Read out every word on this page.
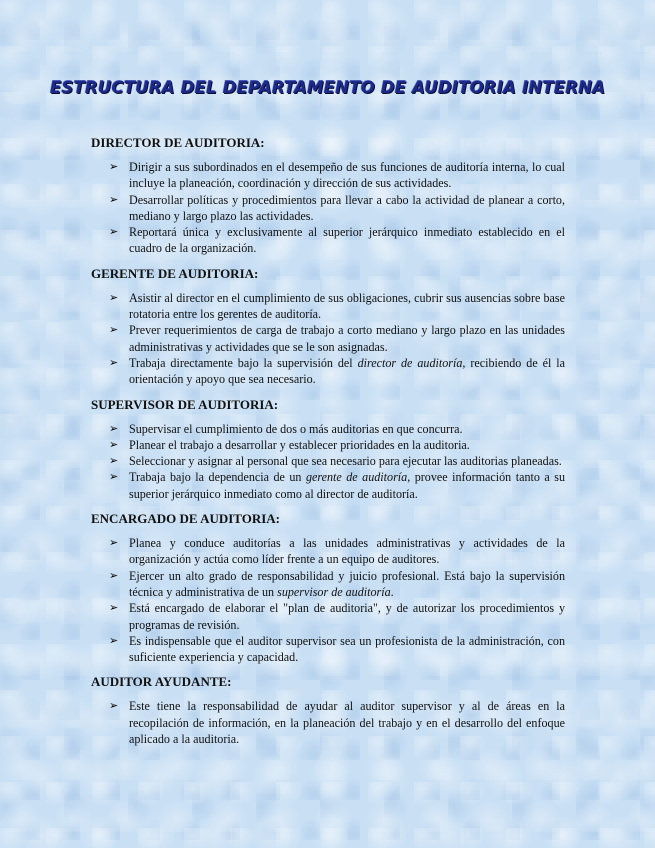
ESTRUCTURA DEL DEPARTAMENTO DE AUDITORIA INTERNA
DIRECTOR DE AUDITORIA:
➢ Dirigir a sus subordinados en el desempeño de sus funciones de auditoría interna, lo cual incluye la planeación, coordinación y dirección de sus actividades.
➢ Desarrollar políticas y procedimientos para llevar a cabo la actividad de planear a corto, mediano y largo plazo las actividades.
➢ Reportará única y exclusivamente al superior jerárquico inmediato establecido en el cuadro de la organización.
GERENTE DE AUDITORIA:
➢ Asistir al director en el cumplimiento de sus obligaciones, cubrir sus ausencias sobre base rotatoria entre los gerentes de auditoría.
➢ Prever requerimientos de carga de trabajo a corto mediano y largo plazo en las unidades administrativas y actividades que se le son asignadas.
➢ Trabaja directamente bajo la supervisión del director de auditoría, recibiendo de él la orientación y apoyo que sea necesario.
SUPERVISOR DE AUDITORIA:
➢ Supervisar el cumplimiento de dos o más auditorias en que concurra.
➢ Planear el trabajo a desarrollar y establecer prioridades en la auditoria.
➢ Seleccionar y asignar al personal que sea necesario para ejecutar las auditorias planeadas.
➢ Trabaja bajo la dependencia de un gerente de auditoría, provee información tanto a su superior jerárquico inmediato como al director de auditoría.
ENCARGADO DE AUDITORIA:
➢ Planea y conduce auditorías a las unidades administrativas y actividades de la organización y actúa como líder frente a un equipo de auditores.
➢ Ejercer un alto grado de responsabilidad y juicio profesional. Está bajo la supervisión técnica y administrativa de un supervisor de auditoría.
➢ Está encargado de elaborar el "plan de auditoria", y de autorizar los procedimientos y programas de revisión.
➢ Es indispensable que el auditor supervisor sea un profesionista de la administración, con suficiente experiencia y capacidad.
AUDITOR AYUDANTE:
➢ Este tiene la responsabilidad de ayudar al auditor supervisor y al de áreas en la recopilación de información, en la planeación del trabajo y en el desarrollo del enfoque aplicado a la auditoria.
